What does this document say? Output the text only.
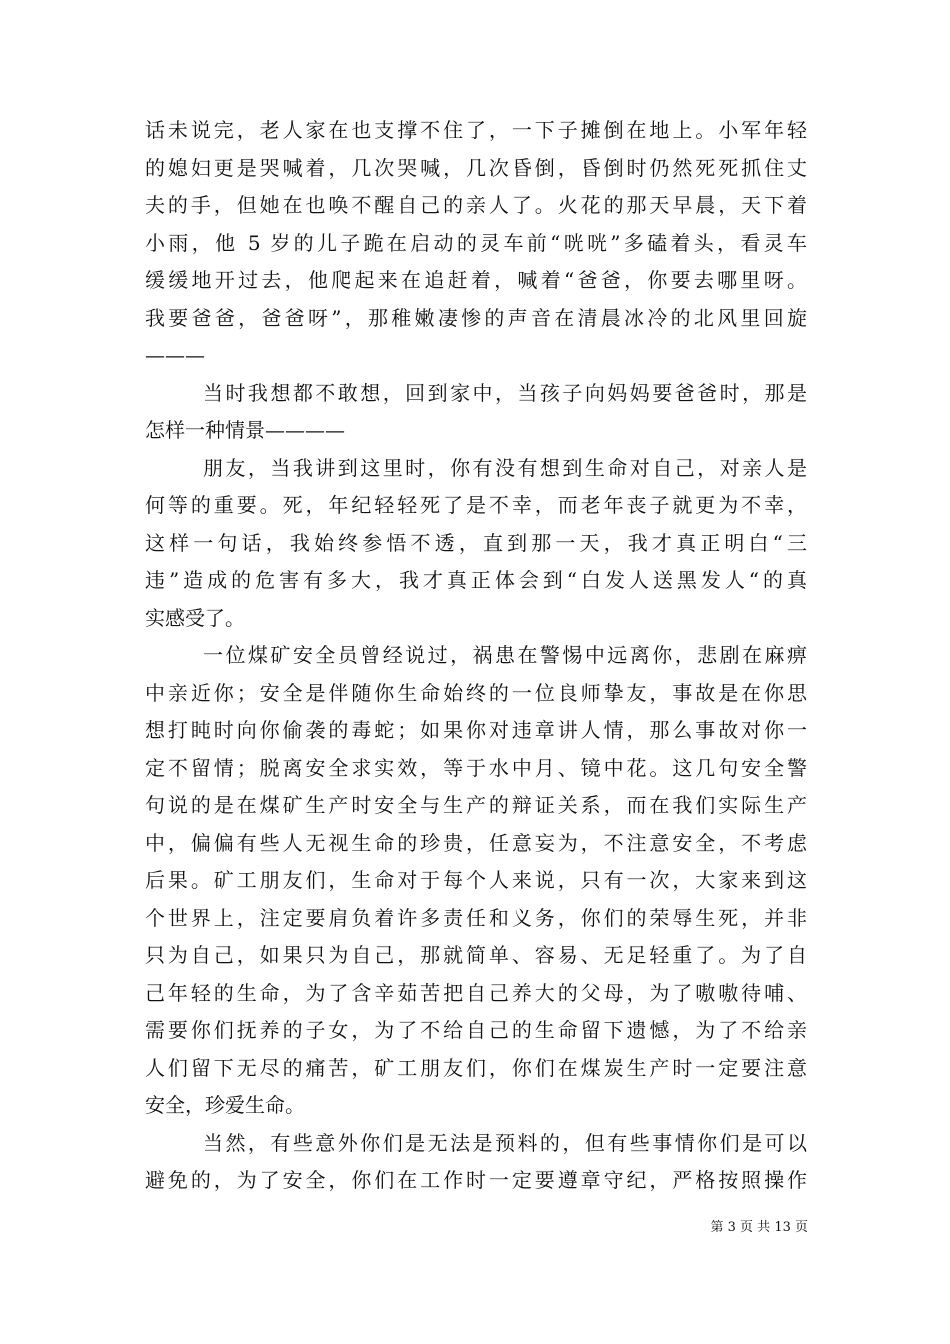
话未说完，老人家在也支撑不住了，一下子摊倒在地上。小军年轻
的媳妇更是哭喊着，几次哭喊，几次昏倒，昏倒时仍然死死抓住丈
夫的手，但她在也唤不醒自己的亲人了。火花的那天早晨，天下着
小雨，他 5 岁的儿子跪在启动的灵车前“咣咣”多磕着头，看灵车
缓缓地开过去，他爬起来在追赶着，喊着“爸爸，你要去哪里呀。
我要爸爸，爸爸呀”，那稚嫩凄惨的声音在清晨冰冷的北风里回旋
———
当时我想都不敢想，回到家中，当孩子向妈妈要爸爸时，那是
怎样一种情景————
朋友，当我讲到这里时，你有没有想到生命对自己，对亲人是
何等的重要。死，年纪轻轻死了是不幸，而老年丧子就更为不幸，
这样一句话，我始终参悟不透，直到那一天，我才真正明白“三
违”造成的危害有多大，我才真正体会到“白发人送黑发人“的真
实感受了。
一位煤矿安全员曾经说过，祸患在警惕中远离你，悲剧在麻痹
中亲近你；安全是伴随你生命始终的一位良师挚友，事故是在你思
想打盹时向你偷袭的毒蛇；如果你对违章讲人情，那么事故对你一
定不留情；脱离安全求实效，等于水中月、镜中花。这几句安全警
句说的是在煤矿生产时安全与生产的辩证关系，而在我们实际生产
中，偏偏有些人无视生命的珍贵，任意妄为，不注意安全，不考虑
后果。矿工朋友们，生命对于每个人来说，只有一次，大家来到这
个世界上，注定要肩负着许多责任和义务，你们的荣辱生死，并非
只为自己，如果只为自己，那就简单、容易、无足轻重了。为了自
己年轻的生命，为了含辛茹苦把自己养大的父母，为了嗷嗷待哺、
需要你们抚养的子女，为了不给自己的生命留下遗憾，为了不给亲
人们留下无尽的痛苦，矿工朋友们，你们在煤炭生产时一定要注意
安全，珍爱生命。
当然，有些意外你们是无法是预料的，但有些事情你们是可以
避免的，为了安全，你们在工作时一定要遵章守纪，严格按照操作
第 3 页 共 13 页
